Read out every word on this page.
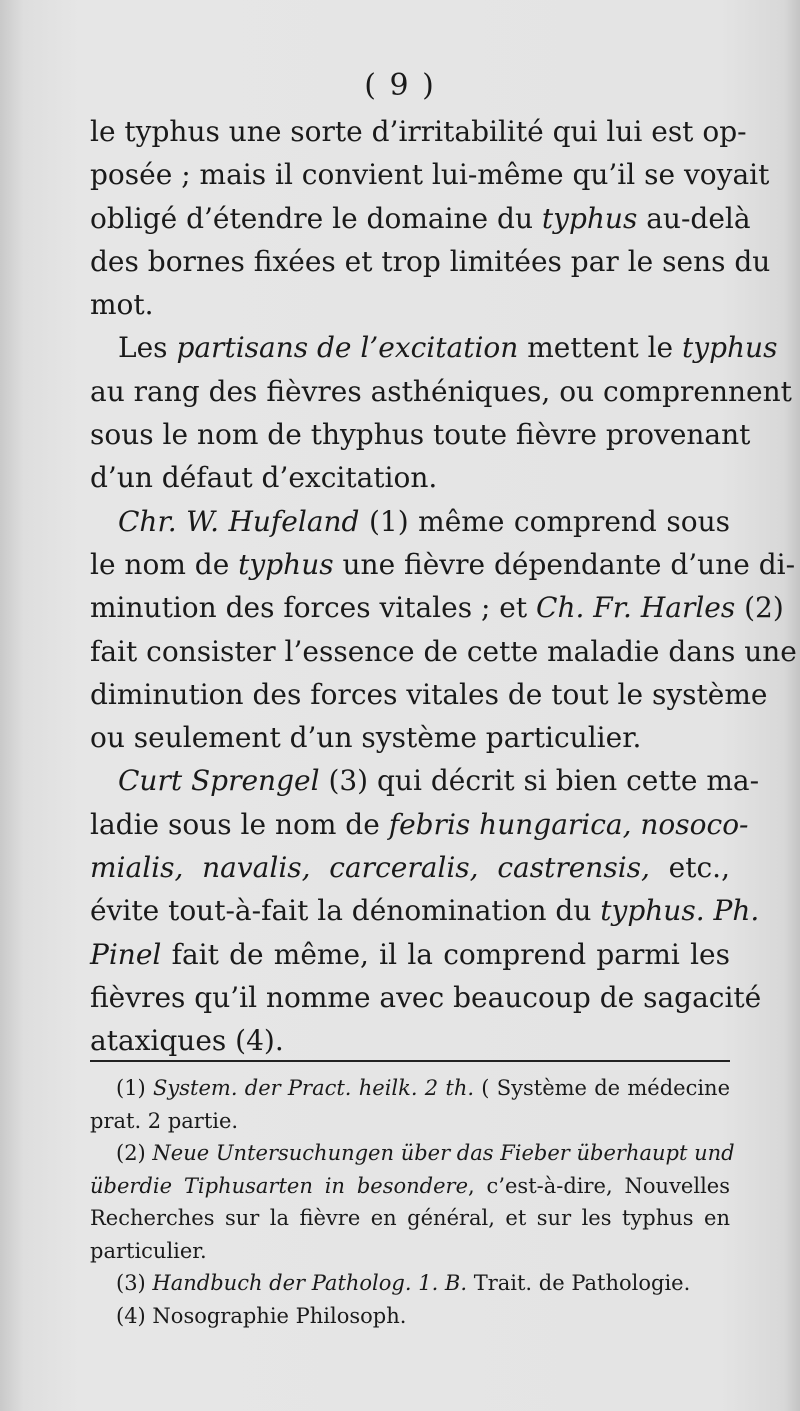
( 9 )
le typhus une sorte d’irritabilité qui lui est op-
posée ; mais il convient lui-même qu’il se voyait
obligé d’étendre le domaine du typhus au-delà
des bornes fixées et trop limitées par le sens du
mot.
Les partisans de l’excitation mettent le typhus
au rang des fièvres asthéniques, ou comprennent
sous le nom de thyphus toute fièvre provenant
d’un défaut d’excitation.
Chr. W. Hufeland (1) même comprend sous
le nom de typhus une fièvre dépendante d’une di-
minution des forces vitales ; et Ch. Fr. Harles (2)
fait consister l’essence de cette maladie dans une
diminution des forces vitales de tout le système
ou seulement d’un système particulier.
Curt Sprengel (3) qui décrit si bien cette ma-
ladie sous le nom de febris hungarica, nosoco-
mialis, navalis, carceralis, castrensis, etc.,
évite tout-à-fait la dénomination du typhus. Ph.
Pinel fait de même, il la comprend parmi les
fièvres qu’il nomme avec beaucoup de sagacité
ataxiques (4).
(1) System. der Pract. heilk. 2 th. ( Système de médecine
prat. 2 partie.
(2) Neue Untersuchungen über das Fieber überhaupt und
überdie Tiphusarten in besondere, c’est-à-dire, Nouvelles
Recherches sur la fièvre en général, et sur les typhus en
particulier.
(3) Handbuch der Patholog. 1. B. Trait. de Pathologie.
(4) Nosographie Philosoph.
